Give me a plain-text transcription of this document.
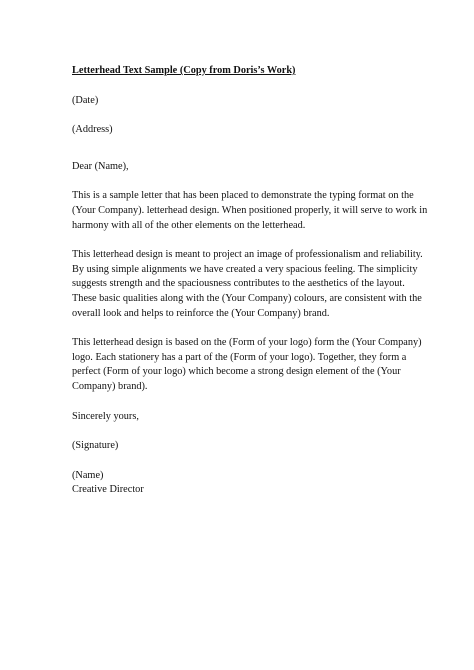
Letterhead Text Sample (Copy from Doris’s Work)
(Date)
(Address)
Dear (Name),
This is a sample letter that has been placed to demonstrate the typing format on the
(Your Company). letterhead design. When positioned properly, it will serve to work in
harmony with all of the other elements on the letterhead.
This letterhead design is meant to project an image of professionalism and reliability.
By using simple alignments we have created a very spacious feeling. The simplicity
suggests strength and the spaciousness contributes to the aesthetics of the layout.
These basic qualities along with the (Your Company) colours, are consistent with the
overall look and helps to reinforce the (Your Company) brand.
This letterhead design is based on the (Form of your logo) form the (Your Company)
logo. Each stationery has a part of the (Form of your logo). Together, they form a
perfect (Form of your logo) which become a strong design element of the (Your
Company) brand).
Sincerely yours,
(Signature)
(Name)
Creative Director
